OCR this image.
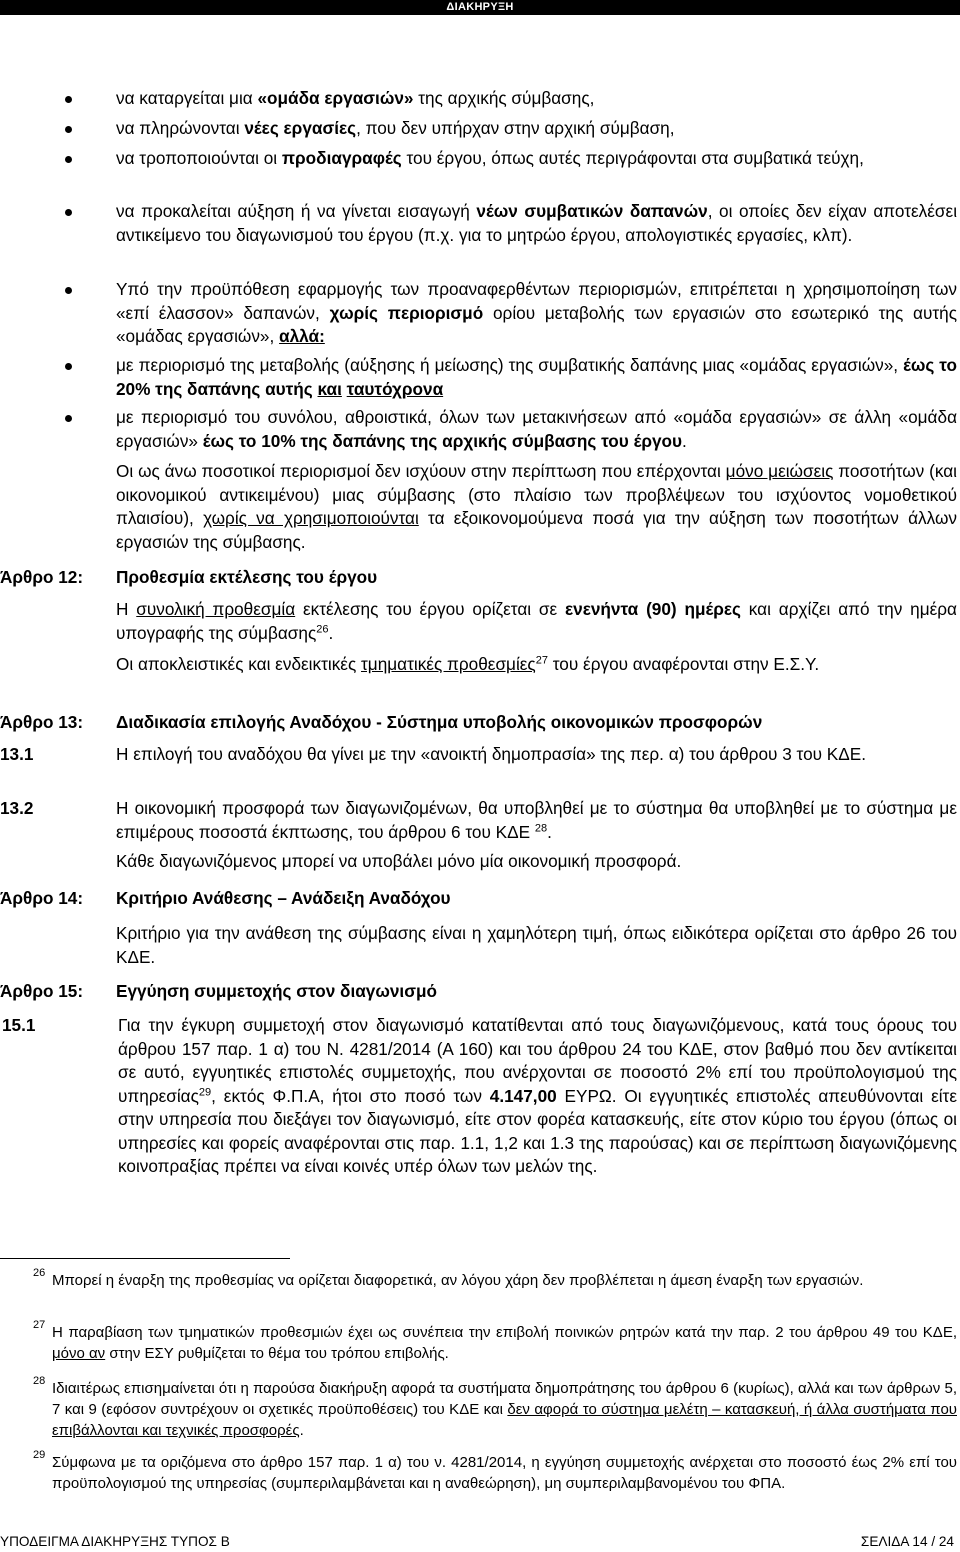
ΔΙΑΚΗΡΥΞΗ
να καταργείται μια «ομάδα εργασιών» της αρχικής σύμβασης,
να πληρώνονται νέες εργασίες, που δεν υπήρχαν στην αρχική σύμβαση,
να τροποποιούνται οι προδιαγραφές του έργου, όπως αυτές περιγράφονται στα συμβατικά τεύχη,
να προκαλείται αύξηση ή να γίνεται εισαγωγή νέων συμβατικών δαπανών, οι οποίες δεν είχαν αποτελέσει αντικείμενο του διαγωνισμού του έργου (π.χ. για το μητρώο έργου, απολογιστικές εργασίες, κλπ).
Υπό την προϋπόθεση εφαρμογής των προαναφερθέντων περιορισμών, επιτρέπεται η χρησιμοποίηση των «επί έλασσον» δαπανών, χωρίς περιορισμό ορίου μεταβολής των εργασιών στο εσωτερικό της αυτής «ομάδας εργασιών», αλλά:
με περιορισμό της μεταβολής (αύξησης ή μείωσης) της συμβατικής δαπάνης μιας «ομάδας εργασιών», έως το 20% της δαπάνης αυτής και ταυτόχρονα
με περιορισμό του συνόλου, αθροιστικά, όλων των μετακινήσεων από «ομάδα εργασιών» σε άλλη «ομάδα εργασιών» έως το 10% της δαπάνης της αρχικής σύμβασης του έργου.
Οι ως άνω ποσοτικοί περιορισμοί δεν ισχύουν στην περίπτωση που επέρχονται μόνο μειώσεις ποσοτήτων (και οικονομικού αντικειμένου) μιας σύμβασης (στο πλαίσιο των προβλέψεων του ισχύοντος νομοθετικού πλαισίου), χωρίς να χρησιμοποιούνται τα εξοικονομούμενα ποσά για την αύξηση των ποσοτήτων άλλων εργασιών της σύμβασης.
Άρθρο 12: Προθεσμία εκτέλεσης του έργου
Η συνολική προθεσμία εκτέλεσης του έργου ορίζεται σε ενενήντα (90) ημέρες και αρχίζει από την ημέρα υπογραφής της σύμβασης$^{26}$.
Οι αποκλειστικές και ενδεικτικές τμηματικές προθεσμίες$^{27}$ του έργου αναφέρονται στην Ε.Σ.Υ.
Άρθρο 13: Διαδικασία επιλογής Αναδόχου - Σύστημα υποβολής οικονομικών προσφορών
13.1	Η επιλογή του αναδόχου θα γίνει με την «ανοικτή δημοπρασία» της περ. α) του άρθρου 3 του ΚΔΕ.
13.2	Η οικονομική προσφορά των διαγωνιζομένων, θα υποβληθεί με το σύστημα θα υποβληθεί με το σύστημα με επιμέρους ποσοστά έκπτωσης, του άρθρου 6 του ΚΔΕ $^{28}$.
Κάθε διαγωνιζόμενος μπορεί να υποβάλει μόνο μία οικονομική προσφορά.
Άρθρο 14: Κριτήριο Ανάθεσης – Ανάδειξη Αναδόχου
Κριτήριο για την ανάθεση της σύμβασης είναι η χαμηλότερη τιμή, όπως ειδικότερα ορίζεται στο άρθρο 26 του ΚΔΕ.
Άρθρο 15: Εγγύηση συμμετοχής στον διαγωνισμό
15.1	Για την έγκυρη συμμετοχή στον διαγωνισμό κατατίθενται από τους διαγωνιζόμενους, κατά τους όρους του άρθρου 157 παρ. 1 α) του Ν. 4281/2014 (Α 160) και του άρθρου 24 του ΚΔΕ, στον βαθμό που δεν αντίκειται σε αυτό, εγγυητικές επιστολές συμμετοχής, που ανέρχονται σε ποσοστό 2% επί του προϋπολογισμού της υπηρεσίας$^{29}$, εκτός Φ.Π.Α, ήτοι στο ποσό των 4.147,00 ΕΥΡΩ. Οι εγγυητικές επιστολές απευθύνονται είτε στην υπηρεσία που διεξάγει τον διαγωνισμό, είτε στον φορέα κατασκευής, είτε στον κύριο του έργου (όπως οι υπηρεσίες και φορείς αναφέρονται στις παρ. 1.1, 1,2 και 1.3 της παρούσας) και σε περίπτωση διαγωνιζόμενης κοινοπραξίας πρέπει να είναι κοινές υπέρ όλων των μελών της.
26 Μπορεί η έναρξη της προθεσμίας να ορίζεται διαφορετικά, αν λόγου χάρη δεν προβλέπεται η άμεση έναρξη των εργασιών.
27 Η παραβίαση των τμηματικών προθεσμιών έχει ως συνέπεια την επιβολή ποινικών ρητρών κατά την παρ. 2 του άρθρου 49 του ΚΔΕ, μόνο αν στην ΕΣΥ ρυθμίζεται το θέμα του τρόπου επιβολής.
28 Ιδιαιτέρως επισημαίνεται ότι η παρούσα διακήρυξη αφορά τα συστήματα δημοπράτησης του άρθρου 6 (κυρίως), αλλά και των άρθρων 5, 7 και 9 (εφόσον συντρέχουν οι σχετικές προϋποθέσεις) του ΚΔΕ και δεν αφορά το σύστημα μελέτη – κατασκευή, ή άλλα συστήματα που επιβάλλονται και τεχνικές προσφορές.
29 Σύμφωνα με τα οριζόμενα στο άρθρο 157 παρ. 1 α) του ν. 4281/2014, η εγγύηση συμμετοχής ανέρχεται στο ποσοστό έως 2% επί του προϋπολογισμού της υπηρεσίας (συμπεριλαμβάνεται και η αναθεώρηση), μη συμπεριλαμβανομένου του ΦΠΑ.
ΥΠΟΔΕΙΓΜΑ ΔΙΑΚΗΡΥΞΗΣ ΤΥΠΟΣ Β	ΣΕΛΙΔΑ 14 / 24
